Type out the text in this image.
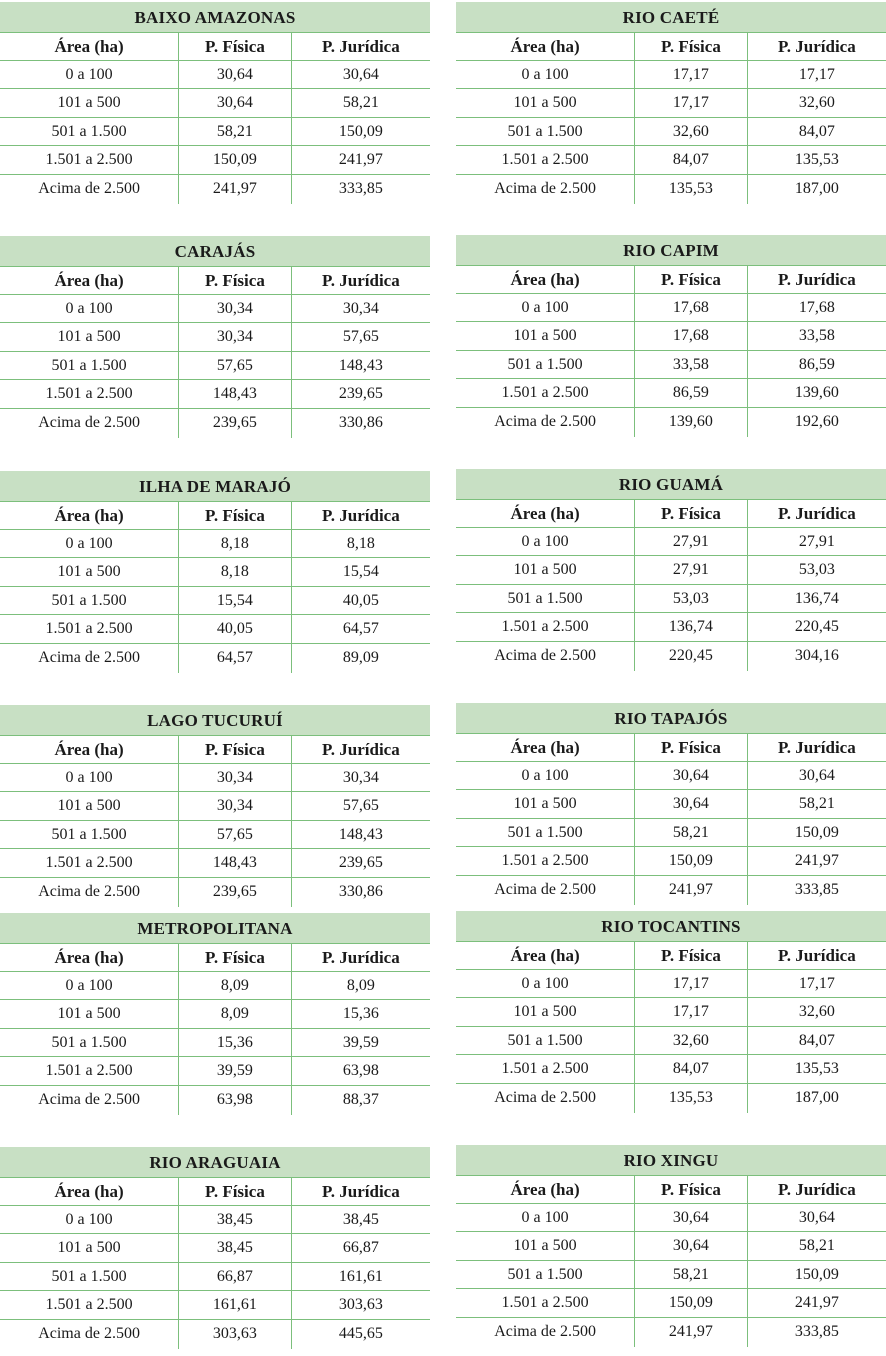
BAIXO AMAZONAS
Área (ha)	P. Física	P. Jurídica
0 a 100	30,64	30,64
101 a 500	30,64	58,21
501 a 1.500	58,21	150,09
1.501 a 2.500	150,09	241,97
Acima de 2.500	241,97	333,85
RIO CAETÉ
Área (ha)	P. Física	P. Jurídica
0 a 100	17,17	17,17
101 a 500	17,17	32,60
501 a 1.500	32,60	84,07
1.501 a 2.500	84,07	135,53
Acima de 2.500	135,53	187,00
CARAJÁS
Área (ha)	P. Física	P. Jurídica
0 a 100	30,34	30,34
101 a 500	30,34	57,65
501 a 1.500	57,65	148,43
1.501 a 2.500	148,43	239,65
Acima de 2.500	239,65	330,86
RIO CAPIM
Área (ha)	P. Física	P. Jurídica
0 a 100	17,68	17,68
101 a 500	17,68	33,58
501 a 1.500	33,58	86,59
1.501 a 2.500	86,59	139,60
Acima de 2.500	139,60	192,60
ILHA DE MARAJÓ
Área (ha)	P. Física	P. Jurídica
0 a 100	8,18	8,18
101 a 500	8,18	15,54
501 a 1.500	15,54	40,05
1.501 a 2.500	40,05	64,57
Acima de 2.500	64,57	89,09
RIO GUAMÁ
Área (ha)	P. Física	P. Jurídica
0 a 100	27,91	27,91
101 a 500	27,91	53,03
501 a 1.500	53,03	136,74
1.501 a 2.500	136,74	220,45
Acima de 2.500	220,45	304,16
LAGO TUCURUÍ
Área (ha)	P. Física	P. Jurídica
0 a 100	30,34	30,34
101 a 500	30,34	57,65
501 a 1.500	57,65	148,43
1.501 a 2.500	148,43	239,65
Acima de 2.500	239,65	330,86
RIO TAPAJÓS
Área (ha)	P. Física	P. Jurídica
0 a 100	30,64	30,64
101 a 500	30,64	58,21
501 a 1.500	58,21	150,09
1.501 a 2.500	150,09	241,97
Acima de 2.500	241,97	333,85
METROPOLITANA
Área (ha)	P. Física	P. Jurídica
0 a 100	8,09	8,09
101 a 500	8,09	15,36
501 a 1.500	15,36	39,59
1.501 a 2.500	39,59	63,98
Acima de 2.500	63,98	88,37
RIO TOCANTINS
Área (ha)	P. Física	P. Jurídica
0 a 100	17,17	17,17
101 a 500	17,17	32,60
501 a 1.500	32,60	84,07
1.501 a 2.500	84,07	135,53
Acima de 2.500	135,53	187,00
RIO ARAGUAIA
Área (ha)	P. Física	P. Jurídica
0 a 100	38,45	38,45
101 a 500	38,45	66,87
501 a 1.500	66,87	161,61
1.501 a 2.500	161,61	303,63
Acima de 2.500	303,63	445,65
RIO XINGU
Área (ha)	P. Física	P. Jurídica
0 a 100	30,64	30,64
101 a 500	30,64	58,21
501 a 1.500	58,21	150,09
1.501 a 2.500	150,09	241,97
Acima de 2.500	241,97	333,85
